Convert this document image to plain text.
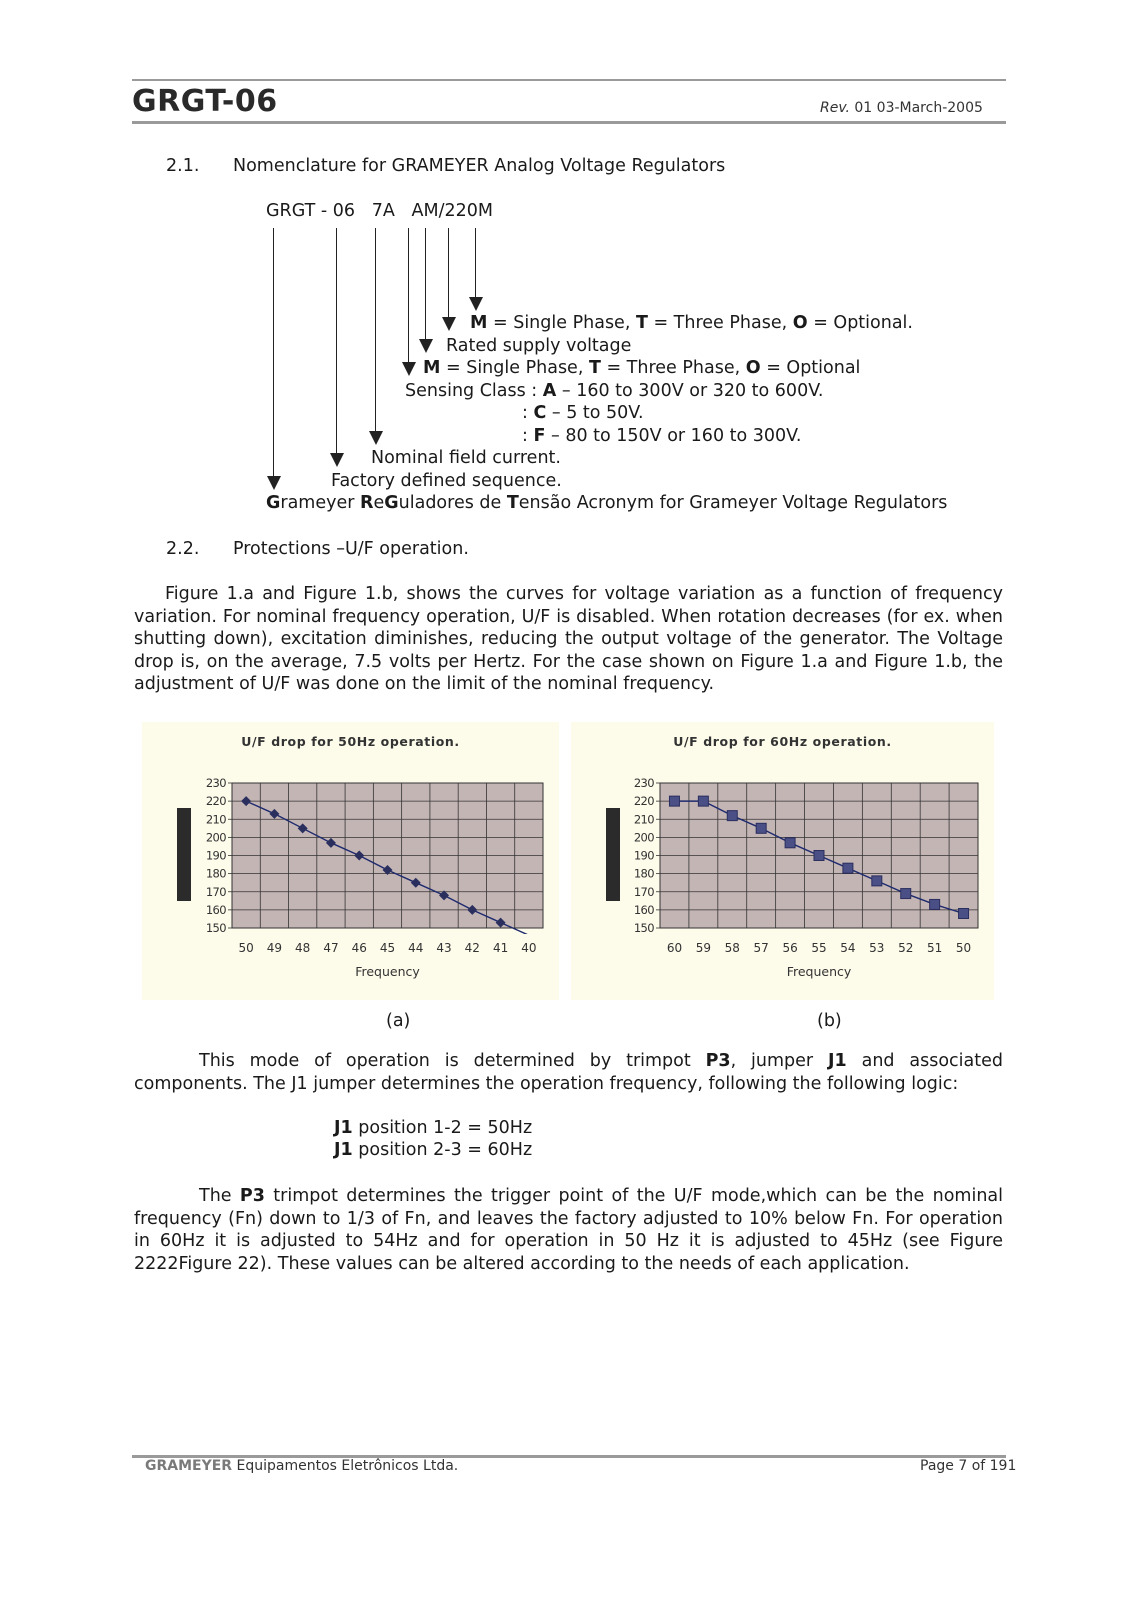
GRGT-06	Rev. 01 03-March-2005
2.1. Nomenclature for GRAMEYER Analog Voltage Regulators
GRGT - 06   7A   AM/220M
M = Single Phase, T = Three Phase, O = Optional.
Rated supply voltage
M = Single Phase, T = Three Phase, O = Optional
Sensing Class : A – 160 to 300V or 320 to 600V.
: C – 5 to 50V.
: F – 80 to 150V or 160 to 300V.
Nominal field current.
Factory defined sequence.
Grameyer ReGuladores de Tensão Acronym for Grameyer Voltage Regulators
2.2. Protections –U/F operation.
Figure 1.a and Figure 1.b, shows the curves for voltage variation as a function of frequency variation. For nominal frequency operation, U/F is disabled. When rotation decreases (for ex. when shutting down), excitation diminishes, reducing the output voltage of the generator. The Voltage drop is, on the average, 7.5 volts per Hertz. For the case shown on Figure 1.a and Figure 1.b, the adjustment of U/F was done on the limit of the nominal frequency.
U/F drop for 50Hz operation.
230
220
210
200
190
180
170
160
150
50 49 48 47 46 45 44 43 42 41 40
Frequency
U/F drop for 60Hz operation.
230
220
210
200
190
180
170
160
150
60 59 58 57 56 55 54 53 52 51 50
Frequency
(a)	(b)
This mode of operation is determined by trimpot P3, jumper J1 and associated components. The J1 jumper determines the operation frequency, following the following logic:
J1 position 1-2 = 50Hz
J1 position 2-3 = 60Hz
The P3 trimpot determines the trigger point of the U/F mode,which can be the nominal frequency (Fn) down to 1/3 of Fn, and leaves the factory adjusted to 10% below Fn. For operation in 60Hz it is adjusted to 54Hz and for operation in 50 Hz it is adjusted to 45Hz (see Figure 2222Figure 22). These values can be altered according to the needs of each application.
GRAMEYER Equipamentos Eletrônicos Ltda.	Page 7 of 191
